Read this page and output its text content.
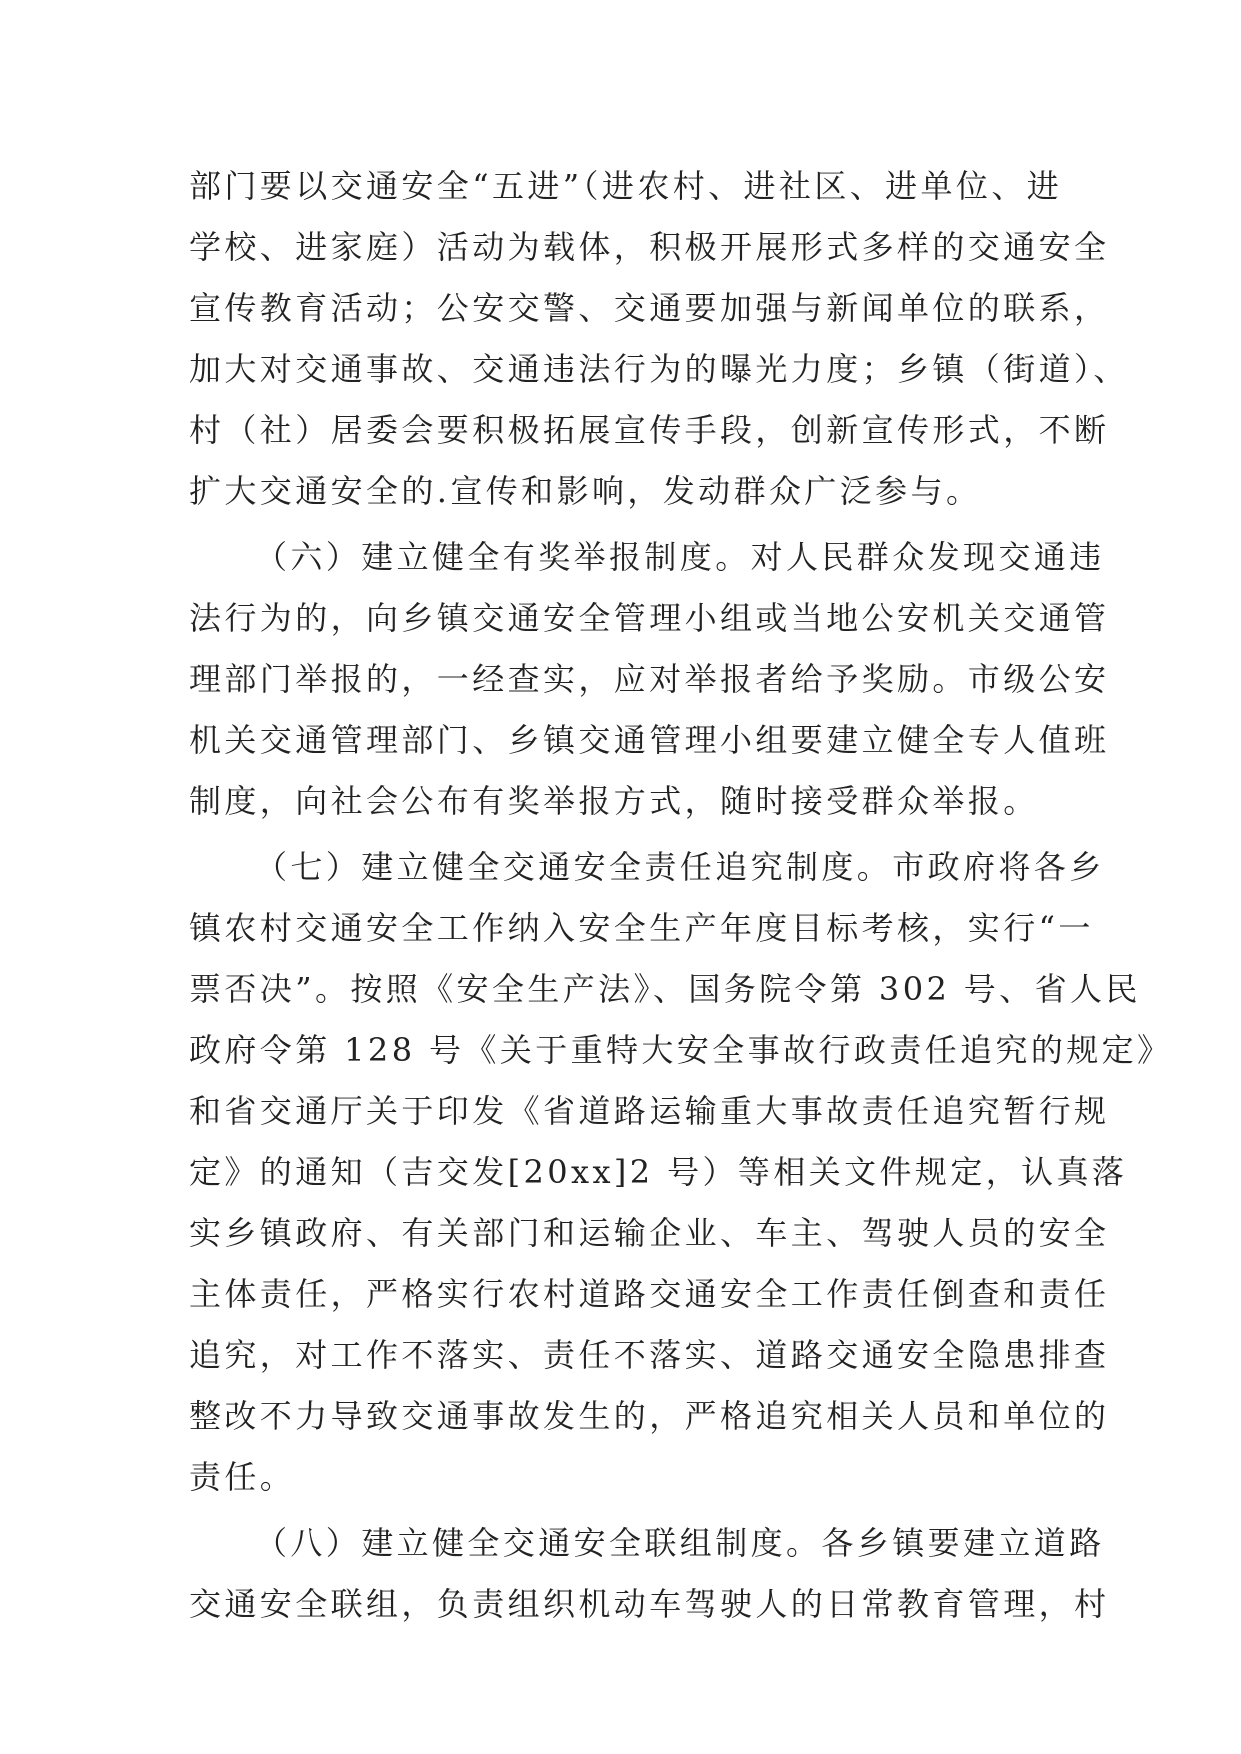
部门要以交通安全“五进”（进农村、进社区、进单位、进
学校、进家庭）活动为载体，积极开展形式多样的交通安全
宣传教育活动；公安交警、交通要加强与新闻单位的联系，
加大对交通事故、交通违法行为的曝光力度；乡镇（街道）、
村（社）居委会要积极拓展宣传手段，创新宣传形式，不断
扩大交通安全的.宣传和影响，发动群众广泛参与。
（六）建立健全有奖举报制度。对人民群众发现交通违
法行为的，向乡镇交通安全管理小组或当地公安机关交通管
理部门举报的，一经查实，应对举报者给予奖励。市级公安
机关交通管理部门、乡镇交通管理小组要建立健全专人值班
制度，向社会公布有奖举报方式，随时接受群众举报。
（七）建立健全交通安全责任追究制度。市政府将各乡
镇农村交通安全工作纳入安全生产年度目标考核，实行“一
票否决”。按照《安全生产法》、国务院令第 302 号、省人民
政府令第 128 号《关于重特大安全事故行政责任追究的规定》
和省交通厅关于印发《省道路运输重大事故责任追究暂行规
定》的通知（吉交发[20xx]2 号）等相关文件规定，认真落
实乡镇政府、有关部门和运输企业、车主、驾驶人员的安全
主体责任，严格实行农村道路交通安全工作责任倒查和责任
追究，对工作不落实、责任不落实、道路交通安全隐患排查
整改不力导致交通事故发生的，严格追究相关人员和单位的
责任。
（八）建立健全交通安全联组制度。各乡镇要建立道路
交通安全联组，负责组织机动车驾驶人的日常教育管理，村
